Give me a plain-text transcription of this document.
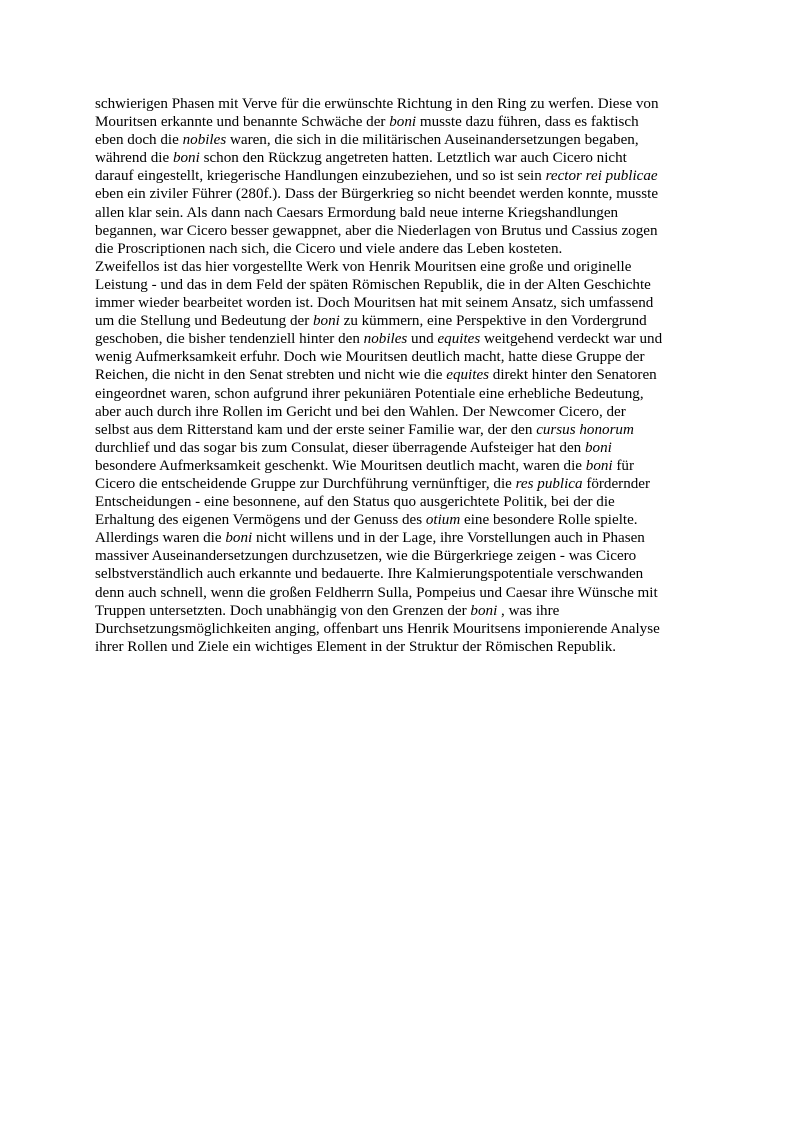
schwierigen Phasen mit Verve für die erwünschte Richtung in den Ring zu werfen. Diese von
Mouritsen erkannte und benannte Schwäche der boni musste dazu führen, dass es faktisch
eben doch die nobiles waren, die sich in die militärischen Auseinandersetzungen begaben,
während die boni schon den Rückzug angetreten hatten. Letztlich war auch Cicero nicht
darauf eingestellt, kriegerische Handlungen einzubeziehen, und so ist sein rector rei publicae
eben ein ziviler Führer (280f.). Dass der Bürgerkrieg so nicht beendet werden konnte, musste
allen klar sein. Als dann nach Caesars Ermordung bald neue interne Kriegshandlungen
begannen, war Cicero besser gewappnet, aber die Niederlagen von Brutus und Cassius zogen
die Proscriptionen nach sich, die Cicero und viele andere das Leben kosteten.
Zweifellos ist das hier vorgestellte Werk von Henrik Mouritsen eine große und originelle
Leistung - und das in dem Feld der späten Römischen Republik, die in der Alten Geschichte
immer wieder bearbeitet worden ist. Doch Mouritsen hat mit seinem Ansatz, sich umfassend
um die Stellung und Bedeutung der boni zu kümmern, eine Perspektive in den Vordergrund
geschoben, die bisher tendenziell hinter den nobiles und equites weitgehend verdeckt war und
wenig Aufmerksamkeit erfuhr. Doch wie Mouritsen deutlich macht, hatte diese Gruppe der
Reichen, die nicht in den Senat strebten und nicht wie die equites direkt hinter den Senatoren
eingeordnet waren, schon aufgrund ihrer pekuniären Potentiale eine erhebliche Bedeutung,
aber auch durch ihre Rollen im Gericht und bei den Wahlen. Der Newcomer Cicero, der
selbst aus dem Ritterstand kam und der erste seiner Familie war, der den cursus honorum
durchlief und das sogar bis zum Consulat, dieser überragende Aufsteiger hat den boni
besondere Aufmerksamkeit geschenkt. Wie Mouritsen deutlich macht, waren die boni für
Cicero die entscheidende Gruppe zur Durchführung vernünftiger, die res publica fördernder
Entscheidungen - eine besonnene, auf den Status quo ausgerichtete Politik, bei der die
Erhaltung des eigenen Vermögens und der Genuss des otium eine besondere Rolle spielte.
Allerdings waren die boni nicht willens und in der Lage, ihre Vorstellungen auch in Phasen
massiver Auseinandersetzungen durchzusetzen, wie die Bürgerkriege zeigen - was Cicero
selbstverständlich auch erkannte und bedauerte. Ihre Kalmierungspotentiale verschwanden
denn auch schnell, wenn die großen Feldherrn Sulla, Pompeius und Caesar ihre Wünsche mit
Truppen untersetzten. Doch unabhängig von den Grenzen der boni , was ihre
Durchsetzungsmöglichkeiten anging, offenbart uns Henrik Mouritsens imponierende Analyse
ihrer Rollen und Ziele ein wichtiges Element in der Struktur der Römischen Republik.
